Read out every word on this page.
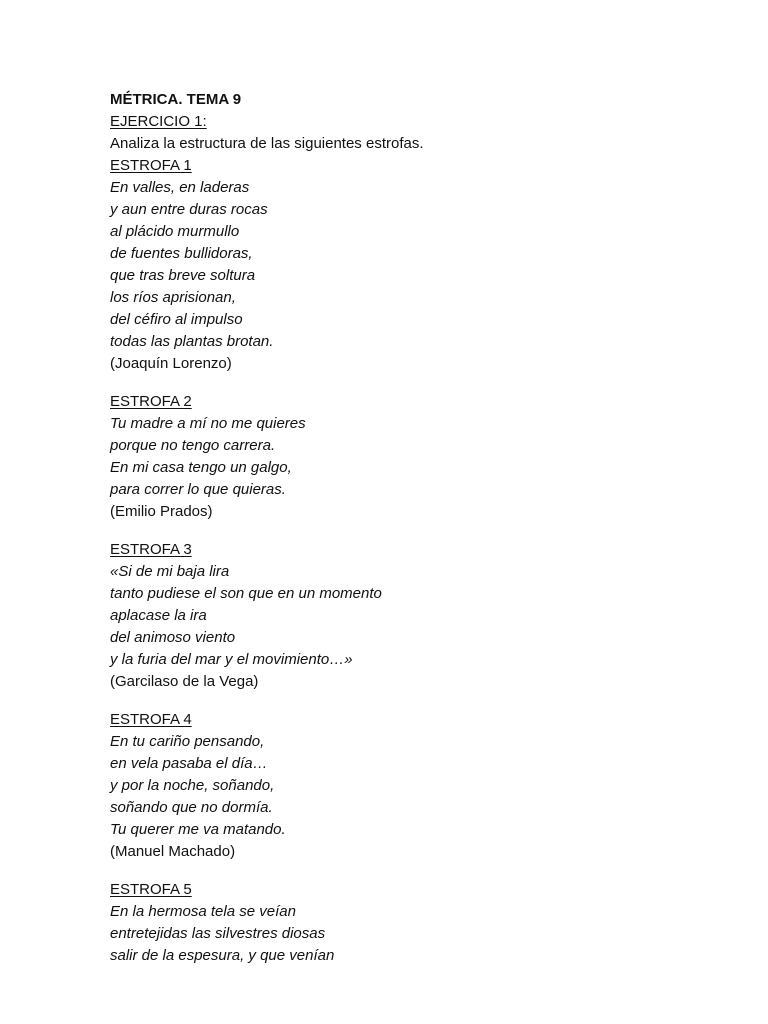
MÉTRICA. TEMA 9

EJERCICIO 1:

Analiza la estructura de las siguientes estrofas.

ESTROFA 1

En valles, en laderas

y aun entre duras rocas

al plácido murmullo

de fuentes bullidoras,

que tras breve soltura

los ríos aprisionan,

del céfiro al impulso

todas las plantas brotan.

(Joaquín Lorenzo)

ESTROFA 2

Tu madre a mí no me quieres

porque no tengo carrera.

En mi casa tengo un galgo,

para correr lo que quieras.

(Emilio Prados)

ESTROFA 3

«Si de mi baja lira

tanto pudiese el son que en un momento

aplacase la ira

del animoso viento

y la furia del mar y el movimiento…»

(Garcilaso de la Vega)

ESTROFA 4

En tu cariño pensando,

en vela pasaba el día…

y por la noche, soñando,

soñando que no dormía.

Tu querer me va matando.

(Manuel Machado)

ESTROFA 5

En la hermosa tela se veían

entretejidas las silvestres diosas

salir de la espesura, y que venían
